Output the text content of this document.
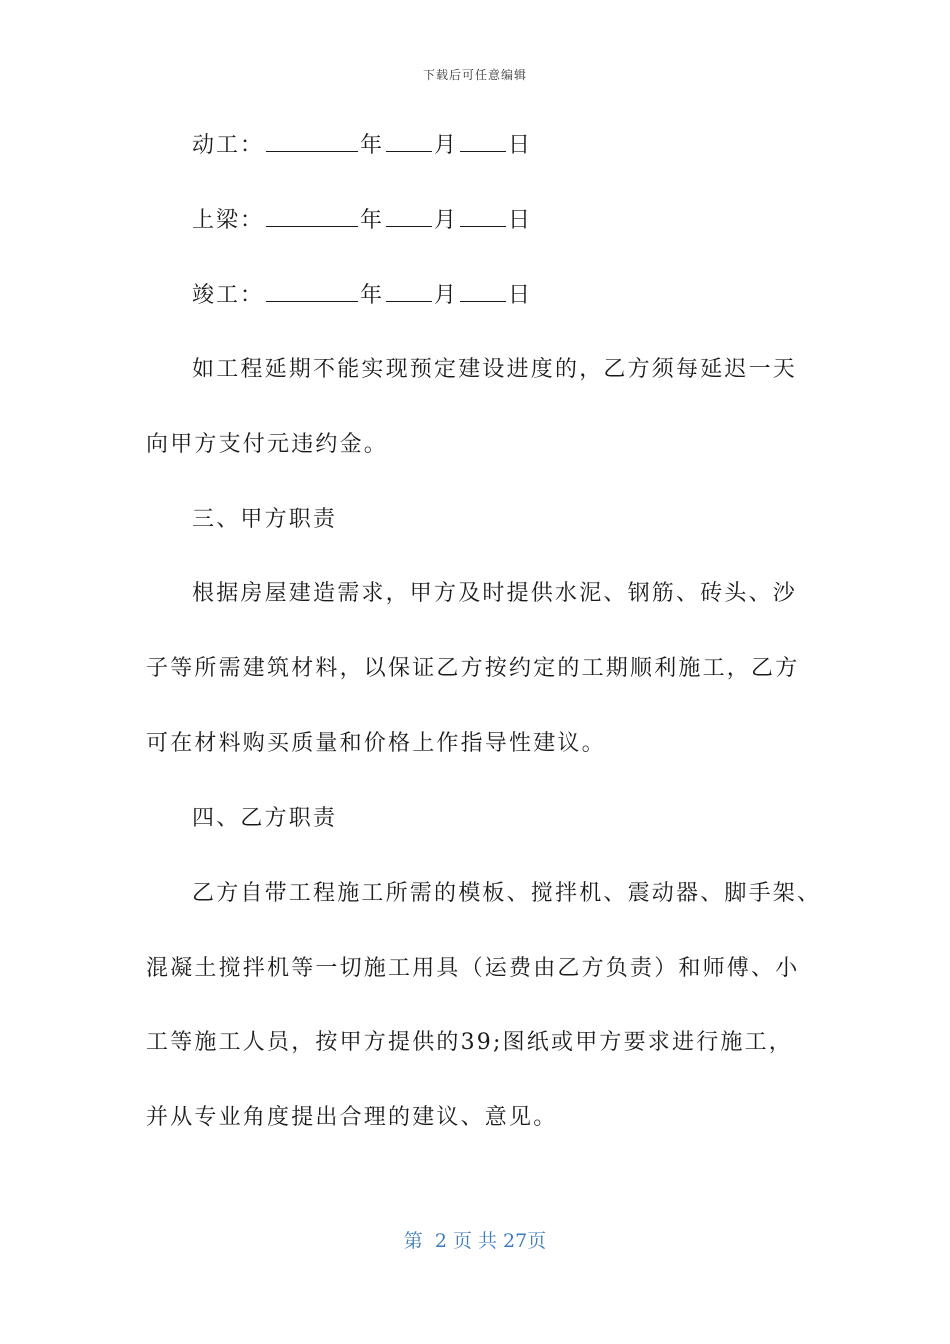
下载后可任意编辑
动工：	年 月 日
上梁：	年 月 日
竣工：	年 月 日
如工程延期不能实现预定建设进度的，乙方须每延迟一天
向甲方支付元违约金。
三、甲方职责
根据房屋建造需求，甲方及时提供水泥、钢筋、砖头、沙
子等所需建筑材料，以保证乙方按约定的工期顺利施工，乙方
可在材料购买质量和价格上作指导性建议。
四、乙方职责
乙方自带工程施工所需的模板、搅拌机、震动器、脚手架、
混凝土搅拌机等一切施工用具（运费由乙方负责）和师傅、小
工等施工人员，按甲方提供的39;图纸或甲方要求进行施工，
并从专业角度提出合理的建议、意见。
第  2 页 共 27页
